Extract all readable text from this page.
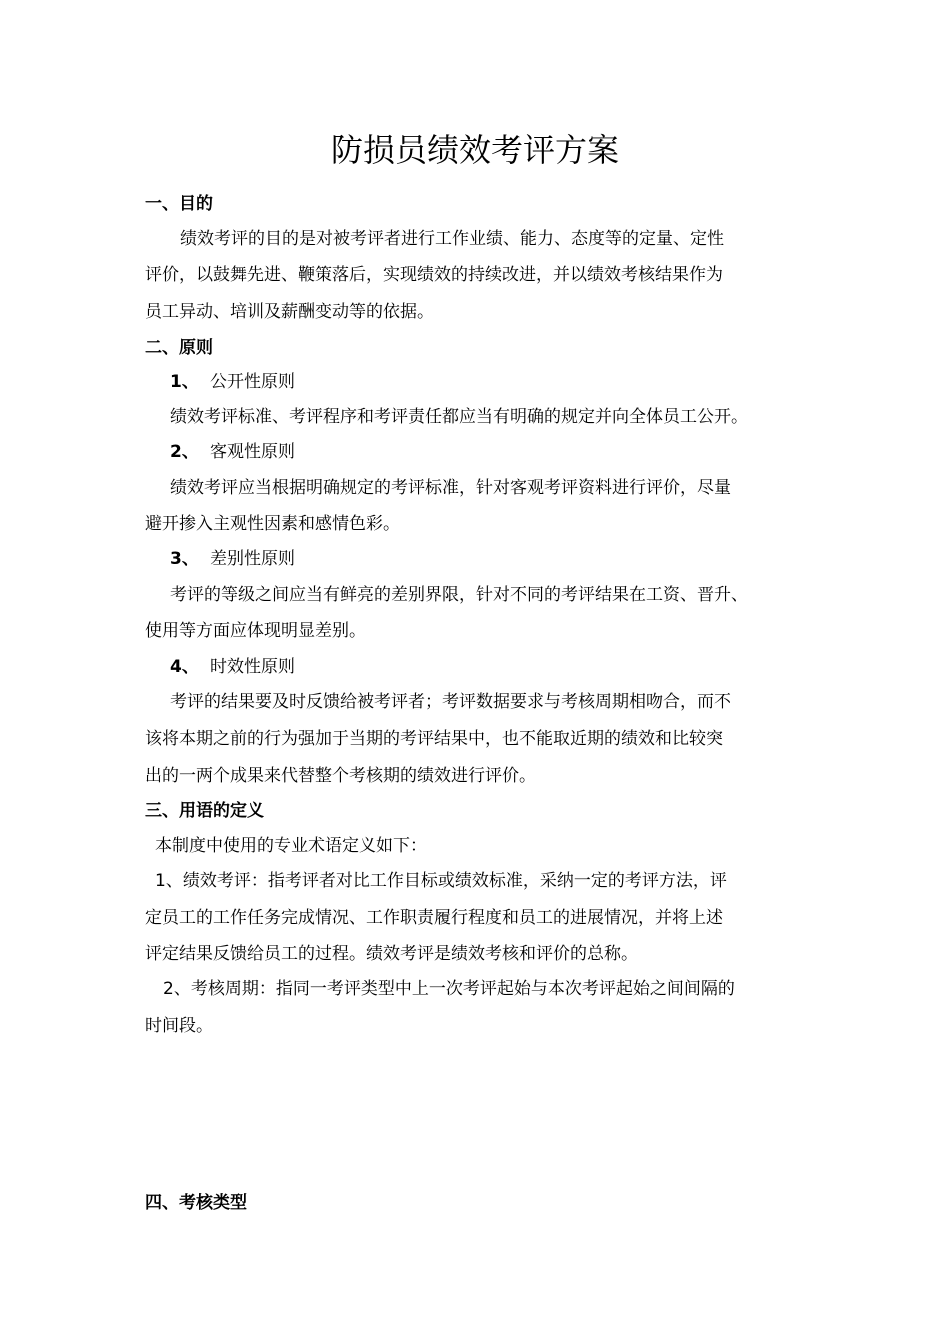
防损员绩效考评方案

一、目的

绩效考评的目的是对被考评者进行工作业绩、能力、态度等的定量、定性

评价，以鼓舞先进、鞭策落后，实现绩效的持续改进，并以绩效考核结果作为

员工异动、培训及薪酬变动等的依据。

二、原则

1、 公开性原则

绩效考评标准、考评程序和考评责任都应当有明确的规定并向全体员工公开。

2、 客观性原则

绩效考评应当根据明确规定的考评标准，针对客观考评资料进行评价，尽量

避开掺入主观性因素和感情色彩。

3、 差别性原则

考评的等级之间应当有鲜亮的差别界限，针对不同的考评结果在工资、晋升、

使用等方面应体现明显差别。

4、 时效性原则

考评的结果要及时反馈给被考评者；考评数据要求与考核周期相吻合，而不

该将本期之前的行为强加于当期的考评结果中，也不能取近期的绩效和比较突

出的一两个成果来代替整个考核期的绩效进行评价。

三、用语的定义

本制度中使用的专业术语定义如下：

1、绩效考评：指考评者对比工作目标或绩效标准，采纳一定的考评方法，评

定员工的工作任务完成情况、工作职责履行程度和员工的进展情况，并将上述

评定结果反馈给员工的过程。绩效考评是绩效考核和评价的总称。

2、考核周期：指同一考评类型中上一次考评起始与本次考评起始之间间隔的

时间段。

四、考核类型
